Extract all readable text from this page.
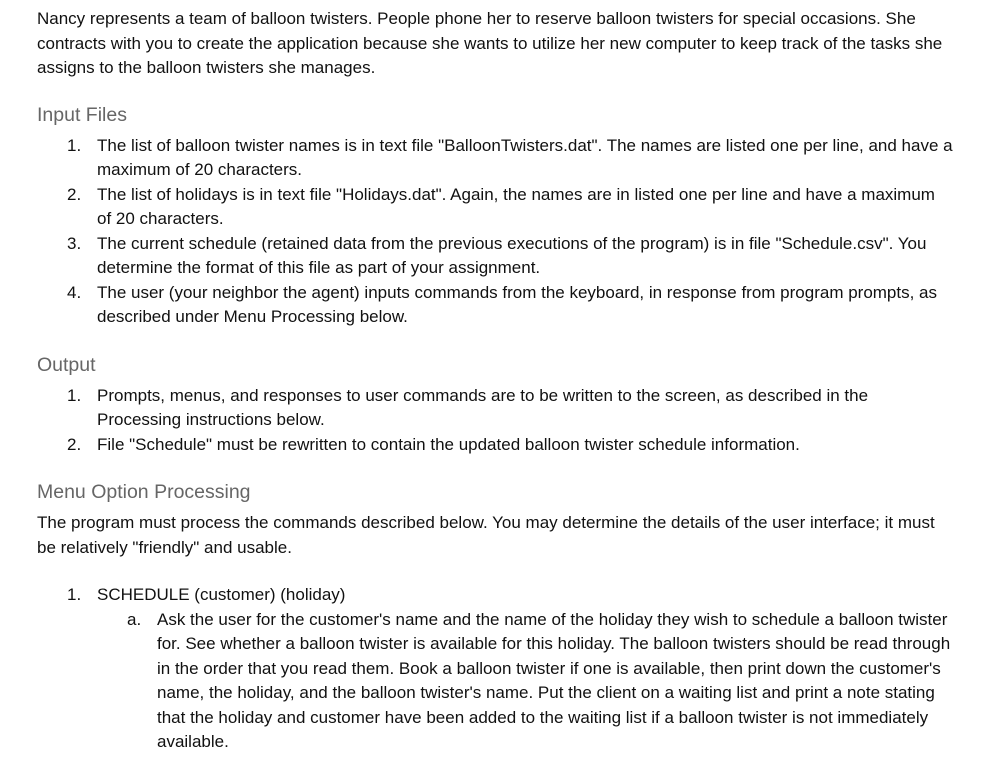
Nancy represents a team of balloon twisters. People phone her to reserve balloon twisters for special occasions. She contracts with you to create the application because she wants to utilize her new computer to keep track of the tasks she assigns to the balloon twisters she manages.

Input Files
1. The list of balloon twister names is in text file "BalloonTwisters.dat". The names are listed one per line, and have a maximum of 20 characters.
2. The list of holidays is in text file "Holidays.dat". Again, the names are in listed one per line and have a maximum of 20 characters.
3. The current schedule (retained data from the previous executions of the program) is in file "Schedule.csv". You determine the format of this file as part of your assignment.
4. The user (your neighbor the agent) inputs commands from the keyboard, in response from program prompts, as described under Menu Processing below.
Output
1. Prompts, menus, and responses to user commands are to be written to the screen, as described in the Processing instructions below.
2. File "Schedule" must be rewritten to contain the updated balloon twister schedule information.
Menu Option Processing

The program must process the commands described below. You may determine the details of the user interface; it must be relatively "friendly" and usable.

1. SCHEDULE (customer) (holiday)
a. Ask the user for the customer's name and the name of the holiday they wish to schedule a balloon twister for. See whether a balloon twister is available for this holiday. The balloon twisters should be read through in the order that you read them. Book a balloon twister if one is available, then print down the customer's name, the holiday, and the balloon twister's name. Put the client on a waiting list and print a note stating that the holiday and customer have been added to the waiting list if a balloon twister is not immediately available.
